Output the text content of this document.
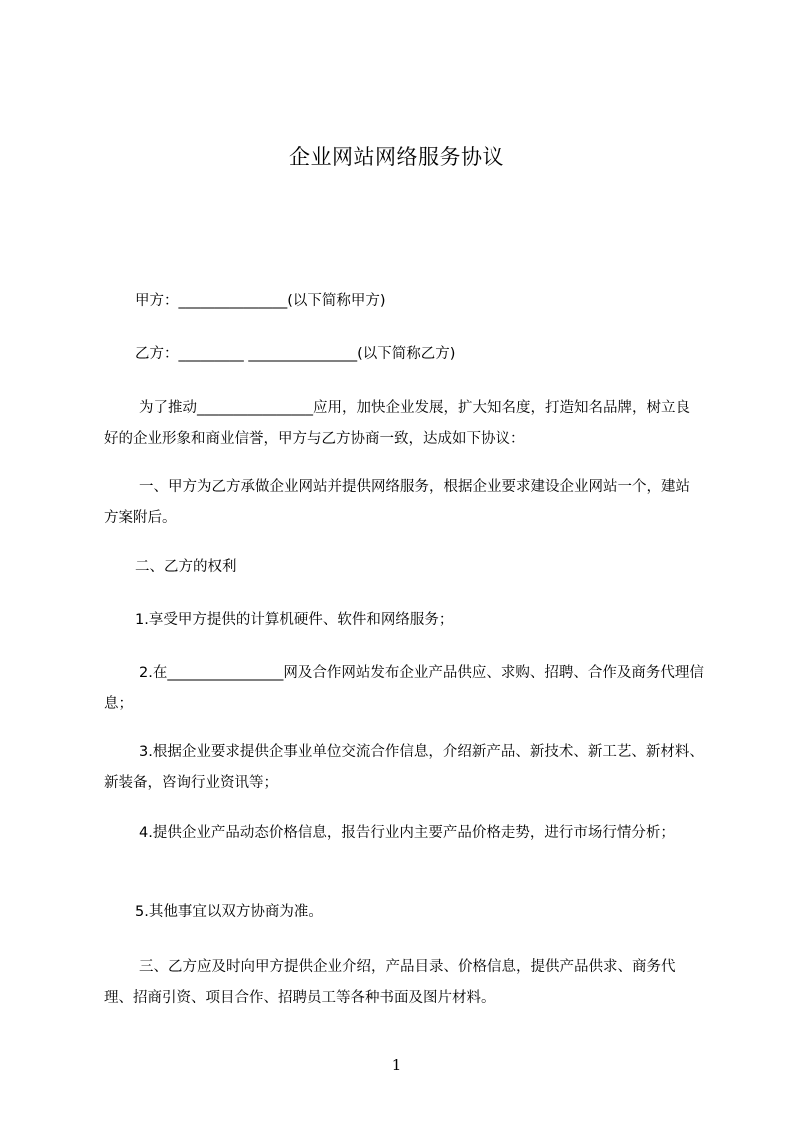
企业网站网络服务协议

甲方：_______________(以下简称甲方)

乙方：_________ _______________(以下简称乙方)

为了推动________________应用，加快企业发展，扩大知名度，打造知名品牌，树立良好的企业形象和商业信誉，甲方与乙方协商一致，达成如下协议：

一、甲方为乙方承做企业网站并提供网络服务，根据企业要求建设企业网站一个，建站方案附后。

二、乙方的权利

1.享受甲方提供的计算机硬件、软件和网络服务；

2.在________________网及合作网站发布企业产品供应、求购、招聘、合作及商务代理信息；

3.根据企业要求提供企事业单位交流合作信息，介绍新产品、新技术、新工艺、新材料、新装备，咨询行业资讯等；

4.提供企业产品动态价格信息，报告行业内主要产品价格走势，进行市场行情分析；

5.其他事宜以双方协商为准。

三、乙方应及时向甲方提供企业介绍，产品目录、价格信息，提供产品供求、商务代理、招商引资、项目合作、招聘员工等各种书面及图片材料。

1
